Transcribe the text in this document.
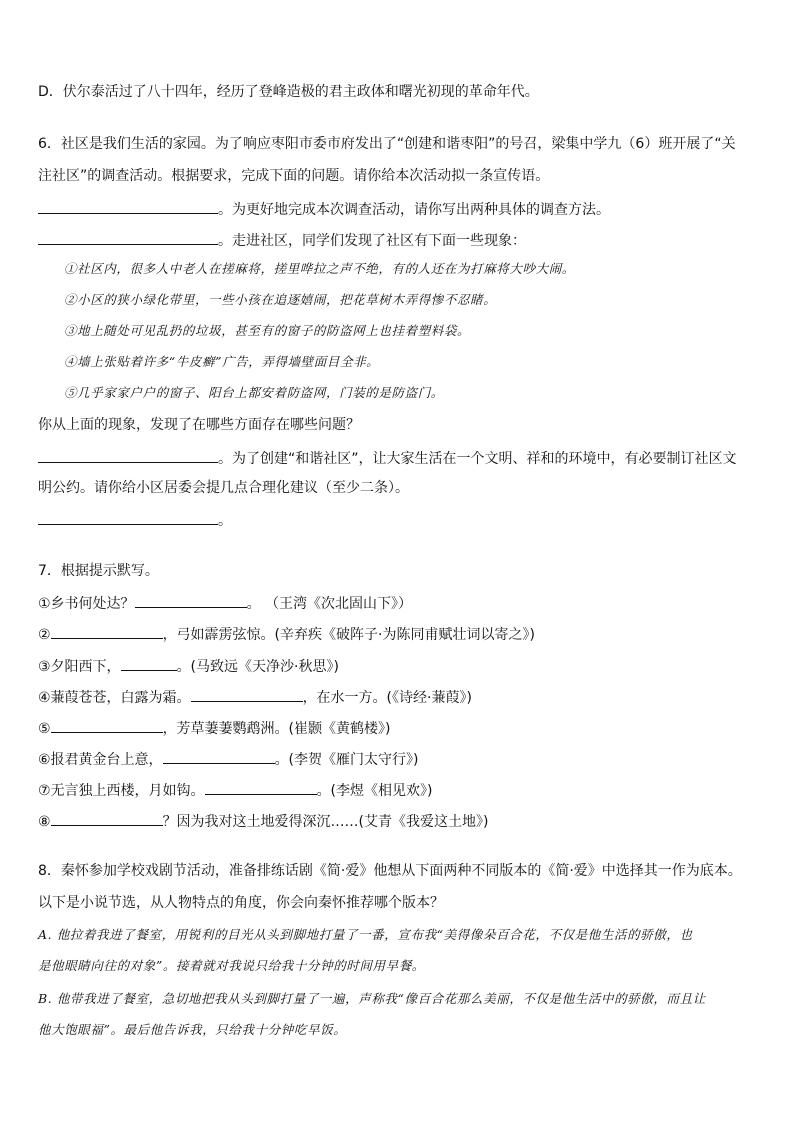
D．伏尔泰活过了八十四年，经历了登峰造极的君主政体和曙光初现的革命年代。
6．社区是我们生活的家园。为了响应枣阳市委市府发出了“创建和谐枣阳”的号召，梁集中学九（6）班开展了“关
注社区”的调查活动。根据要求，完成下面的问题。请你给本次活动拟一条宣传语。
。为更好地完成本次调查活动，请你写出两种具体的调查方法。
。走进社区，同学们发现了社区有下面一些现象：
①社区内，很多人中老人在搓麻将，搓里哗拉之声不绝，有的人还在为打麻将大吵大闹。
②小区的狭小绿化带里，一些小孩在追逐嬉闹，把花草树木弄得惨不忍睹。
③地上随处可见乱扔的垃圾，甚至有的窗子的防盗网上也挂着塑料袋。
④墙上张贴着许多“牛皮癣”广告，弄得墙壁面目全非。
⑤几乎家家户户的窗子、阳台上都安着防盗网，门装的是防盗门。
你从上面的现象，发现了在哪些方面存在哪些问题？
。为了创建“和谐社区”，让大家生活在一个文明、祥和的环境中，有必要制订社区文
明公约。请你给小区居委会提几点合理化建议（至少二条）。
。
7．根据提示默写。
①乡书何处达？	。 （王湾《次北固山下》）
②	，弓如霹雳弦惊。(辛弃疾《破阵子·为陈同甫赋壮词以寄之》)
③夕阳西下，	。(马致远《天净沙·秋思》)
④蒹葭苍苍，白露为霜。	，在水一方。(《诗经·蒹葭》)
⑤	，芳草萋萋鹦鹉洲。(崔颢《黄鹤楼》)
⑥报君黄金台上意，	。(李贺《雁门太守行》)
⑦无言独上西楼，月如钩。	。(李煜《相见欢》)
⑧	？因为我对这土地爱得深沉……(艾青《我爱这土地》)
8．秦怀参加学校戏剧节活动，准备排练话剧《简·爱》他想从下面两种不同版本的《简·爱》中选择其一作为底本。
以下是小说节选，从人物特点的角度，你会向秦怀推荐哪个版本？
A. 他拉着我进了餐室，用锐利的目光从头到脚地打量了一番，宣布我“美得像朵百合花，不仅是他生活的骄傲，也
是他眼睛向往的对象”。接着就对我说只给我十分钟的时间用早餐。
B. 他带我进了餐室，急切地把我从头到脚打量了一遍，声称我“像百合花那么美丽，不仅是他生活中的骄傲，而且让
他大饱眼福”。最后他告诉我，只给我十分钟吃早饭。
